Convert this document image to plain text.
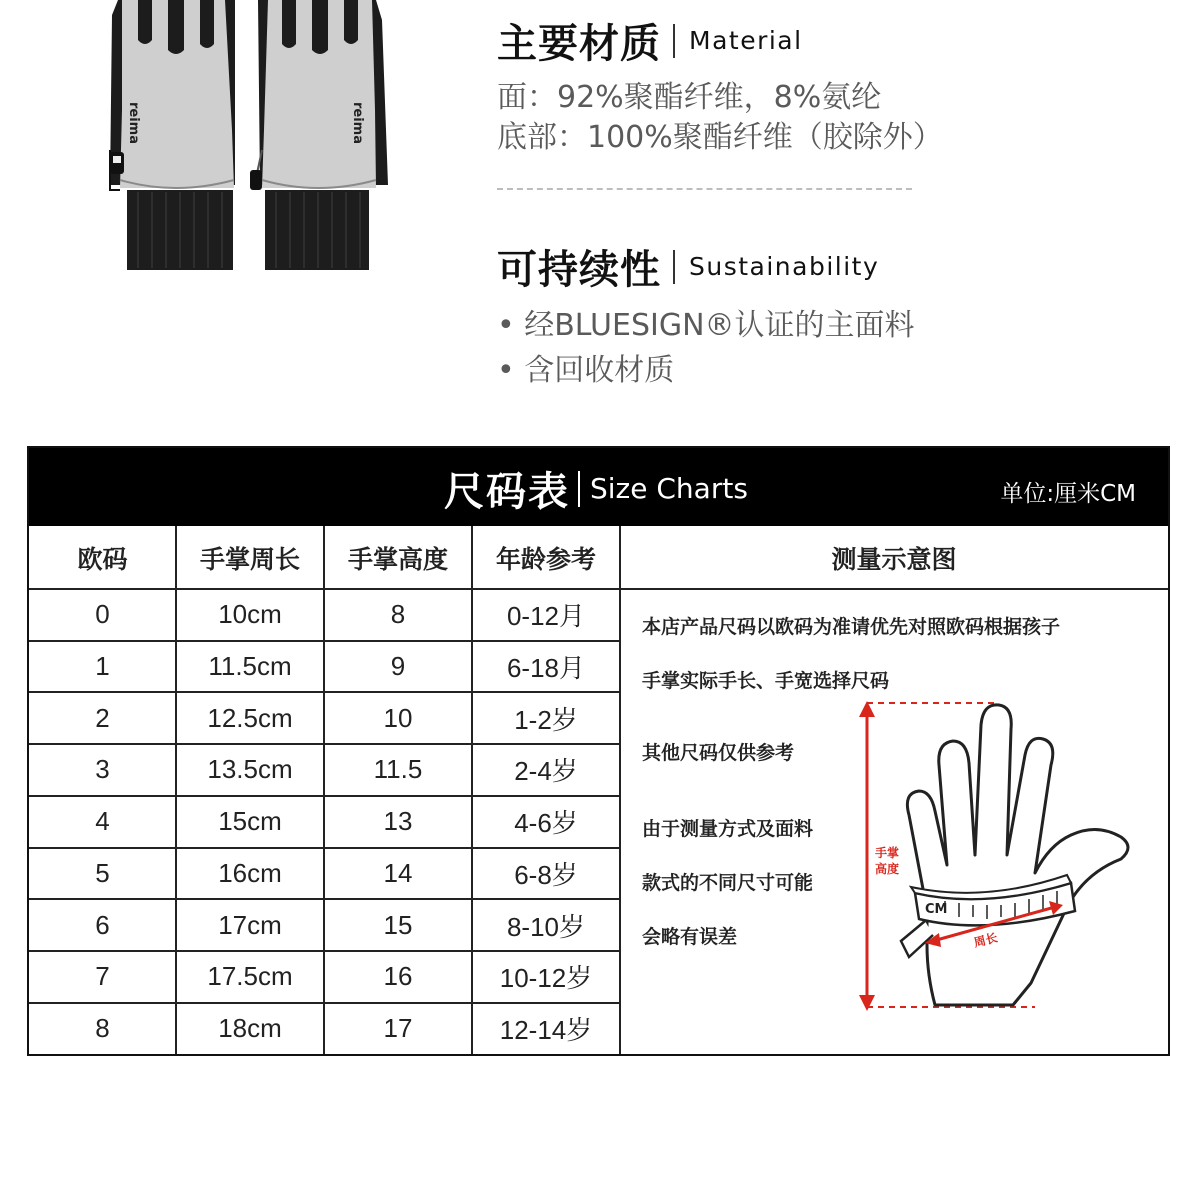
reima	reima
主要材质 Material
面：92%聚酯纤维，8%氨纶
底部：100%聚酯纤维（胶除外）
可持续性 Sustainability
• 经BLUESIGN®认证的主面料
• 含回收材质
尺码表 Size Charts	单位:厘米CM
欧码	手掌周长	手掌高度	年龄参考	测量示意图
0	10cm	8	0-12月
1	11.5cm	9	6-18月
2	12.5cm	10	1-2岁
3	13.5cm	11.5	2-4岁
4	15cm	13	4-6岁
5	16cm	14	6-8岁
6	17cm	15	8-10岁
7	17.5cm	16	10-12岁
8	18cm	17	12-14岁
本店产品尺码以欧码为准请优先对照欧码根据孩子
手掌实际手长、手宽选择尺码
其他尺码仅供参考
由于测量方式及面料
款式的不同尺寸可能
会略有误差
手掌
高度
CM
周长
